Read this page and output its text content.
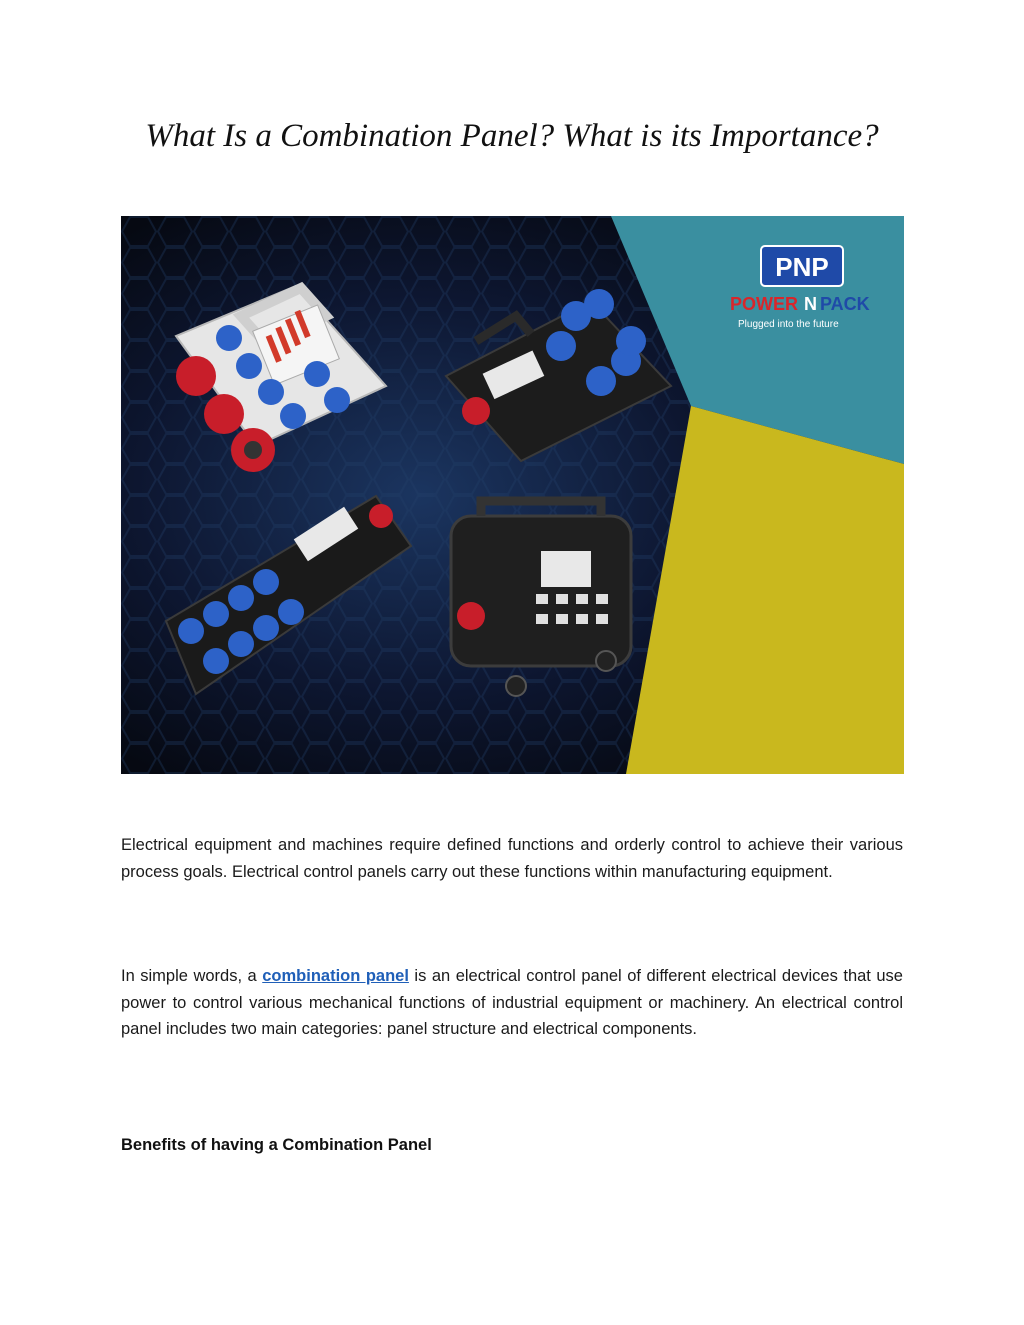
What Is a Combination Panel? What is its Importance?
PNP
POWER N PACK
Plugged into the future

Electrical equipment and machines require defined functions and orderly control to achieve their various process goals. Electrical control panels carry out these functions within manufacturing equipment.

In simple words, a combination panel is an electrical control panel of different electrical devices that use power to control various mechanical functions of industrial equipment or machinery. An electrical control panel includes two main categories: panel structure and electrical components.

Benefits of having a Combination Panel
